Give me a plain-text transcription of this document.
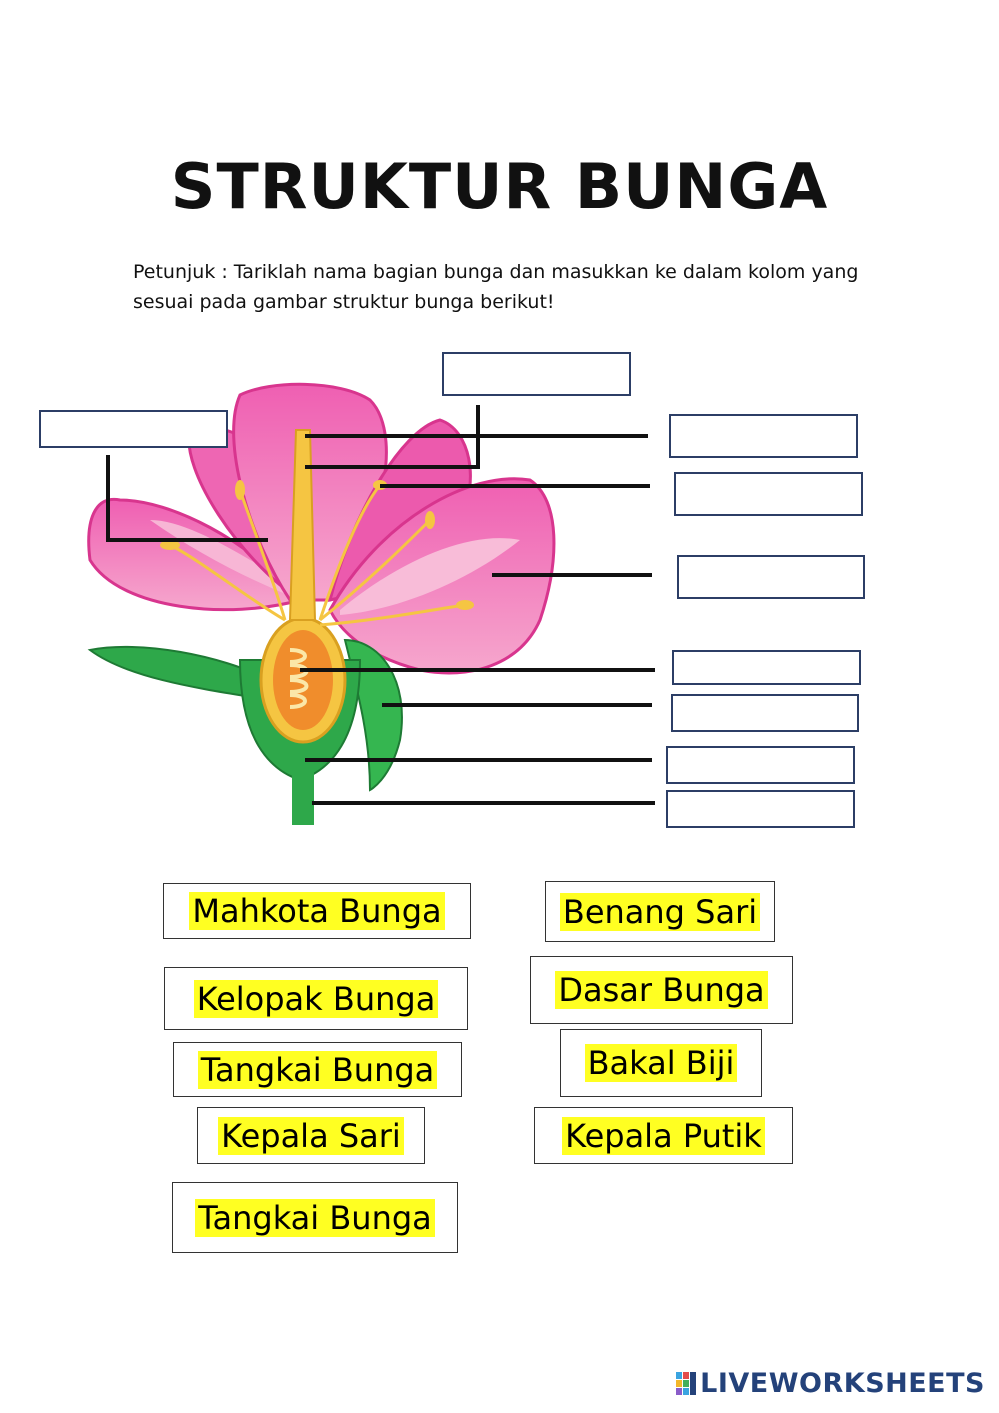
STRUKTUR BUNGA
Petunjuk : Tariklah nama bagian bunga dan masukkan ke dalam kolom yang sesuai pada gambar struktur bunga berikut!
Mahkota Bunga	Benang Sari
Kelopak Bunga	Dasar Bunga
Tangkai Bunga	Bakal Biji
Kepala Sari	Kepala Putik
Tangkai Bunga
LIVEWORKSHEETS
